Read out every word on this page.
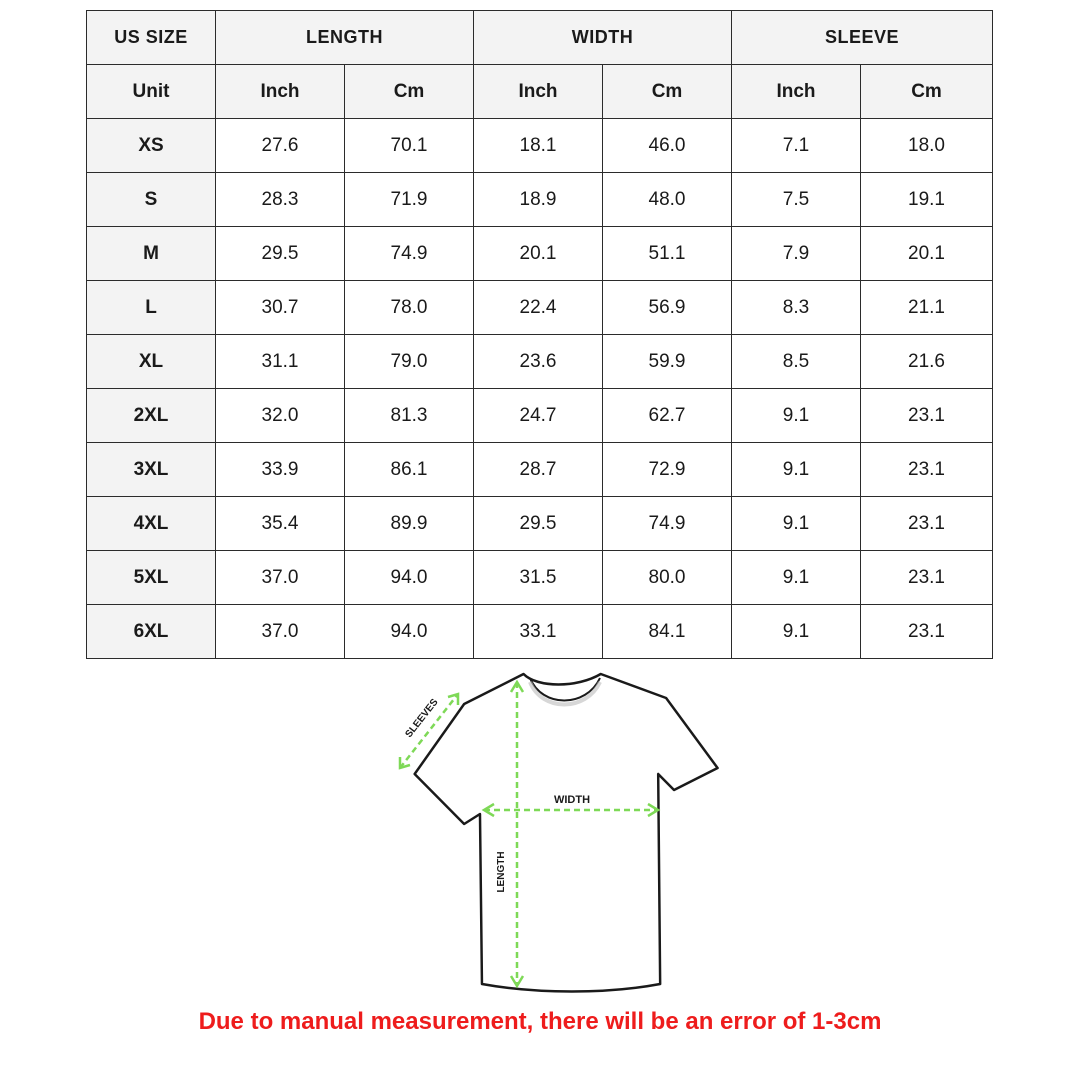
US SIZE	LENGTH		WIDTH		SLEEVE	
Unit	Inch	Cm	Inch	Cm	Inch	Cm
XS	27.6	70.1	18.1	46.0	7.1	18.0
S	28.3	71.9	18.9	48.0	7.5	19.1
M	29.5	74.9	20.1	51.1	7.9	20.1
L	30.7	78.0	22.4	56.9	8.3	21.1
XL	31.1	79.0	23.6	59.9	8.5	21.6
2XL	32.0	81.3	24.7	62.7	9.1	23.1
3XL	33.9	86.1	28.7	72.9	9.1	23.1
4XL	35.4	89.9	29.5	74.9	9.1	23.1
5XL	37.0	94.0	31.5	80.0	9.1	23.1
6XL	37.0	94.0	33.1	84.1	9.1	23.1
WIDTH
LENGTH
SLEEVES
Due to manual measurement, there will be an error of 1-3cm
